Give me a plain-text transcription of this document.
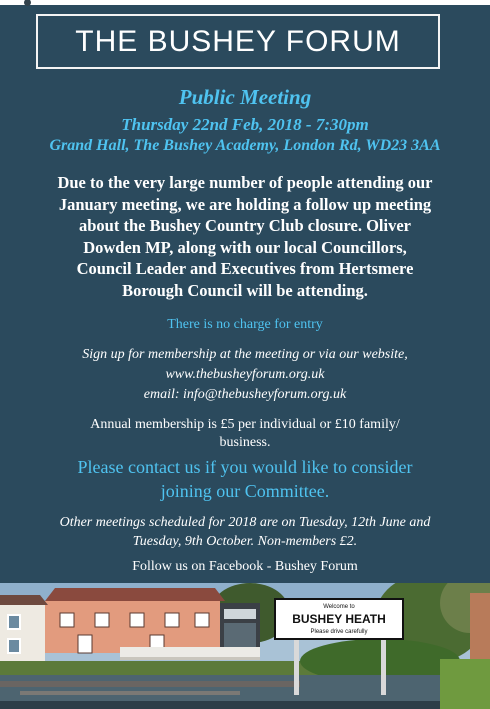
THE BUSHEY FORUM
Public Meeting
Thursday 22nd Feb, 2018 - 7:30pm
Grand Hall, The Bushey Academy, London Rd, WD23 3AA
Due to the very large number of people attending our
January meeting, we are holding a follow up meeting
about the Bushey Country Club closure. Oliver
Dowden MP, along with our local Councillors,
Council Leader and Executives from Hertsmere
Borough Council will be attending.
There is no charge for entry
Sign up for membership at the meeting or via our website,
www.thebusheyforum.org.uk
email: info@thebusheyforum.org.uk
Annual membership is £5 per individual or £10 family/
business.
Please contact us if you would like to consider
joining our Committee.
Other meetings scheduled for 2018 are on Tuesday, 12th June and
Tuesday, 9th October. Non-members £2.
Follow us on Facebook - Bushey Forum
Welcome to
BUSHEY HEATH
Please drive carefully
